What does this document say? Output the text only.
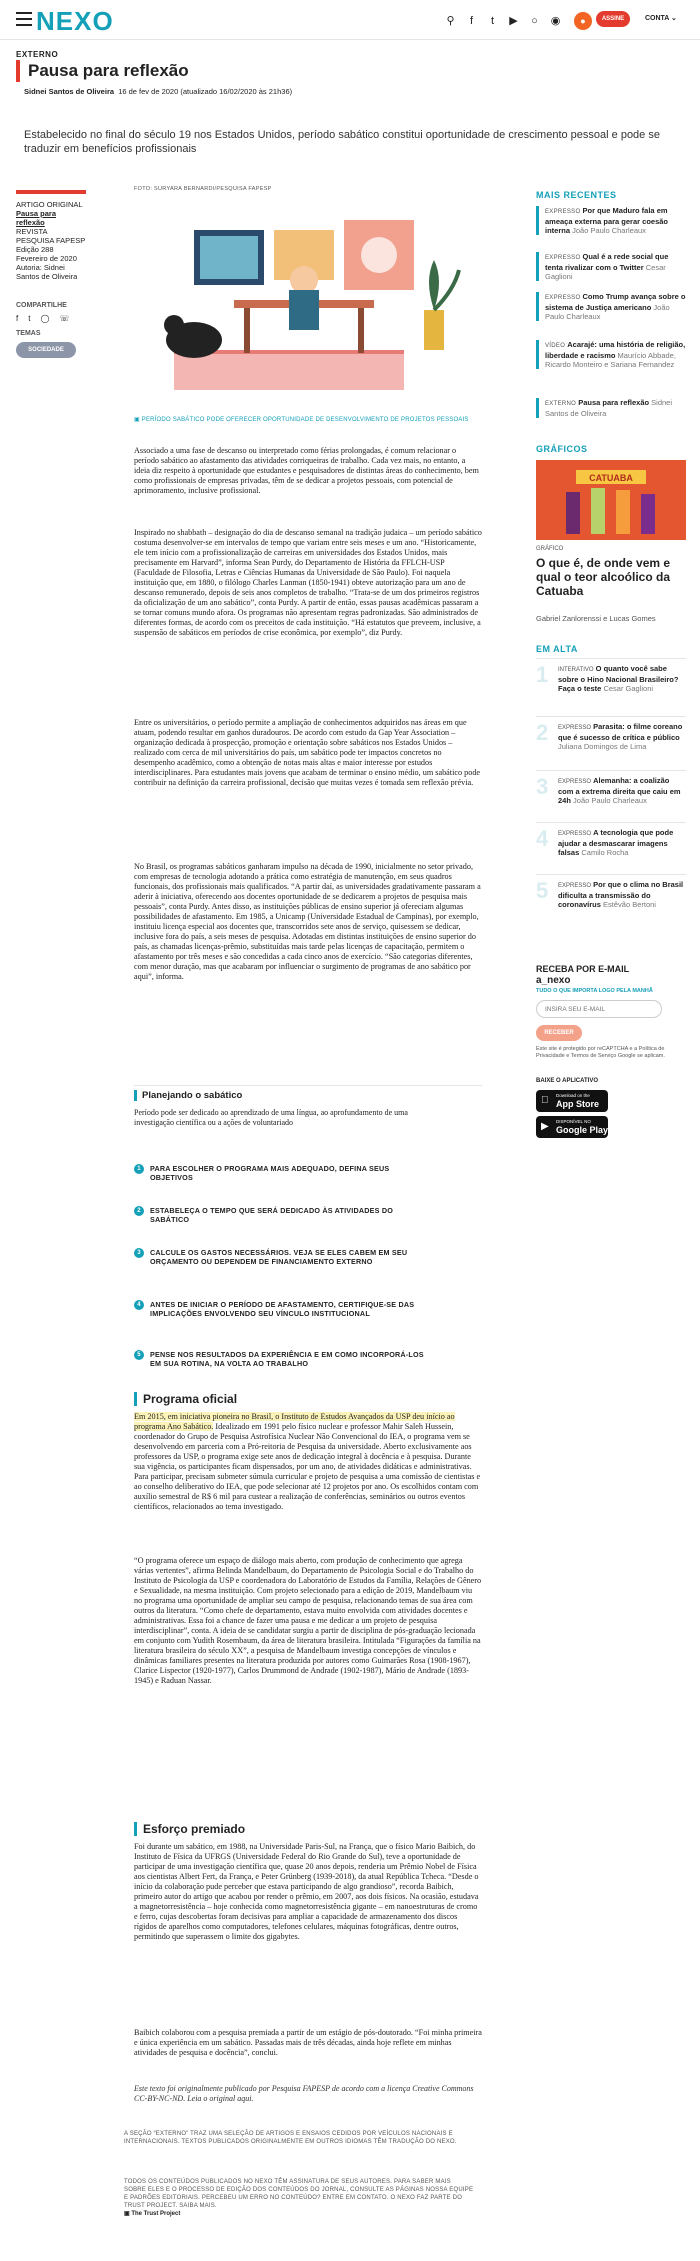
NEXO	⚲	f	t	▶ ○ ◉	●	ASSINE	CONTA ⌄
EXTERNO
Pausa para reflexão
Sidnei Santos de Oliveira 16 de fev de 2020 (atualizado 16/02/2020 às 21h36)
Estabelecido no final do século 19 nos Estados Unidos, período sabático constitui oportunidade de crescimento pessoal e pode se traduzir em benefícios profissionais
ARTIGO ORIGINAL
Pausa para reflexão
REVISTA PESQUISA FAPESP
Edição 288
Fevereiro de 2020
Autoria: Sidnei Santos de Oliveira
COMPARTILHE
f t ◯ ☏
TEMAS
SOCIEDADE
FOTO: SURYARA BERNARDI/PESQUISA FAPESP
▣ PERÍODO SABÁTICO PODE OFERECER OPORTUNIDADE DE DESENVOLVIMENTO DE PROJETOS PESSOAIS
Associado a uma fase de descanso ou interpretado como férias prolongadas, é comum relacionar o período sabático ao afastamento das atividades corriqueiras de trabalho. Cada vez mais, no entanto, a ideia diz respeito à oportunidade que estudantes e pesquisadores de distintas áreas do conhecimento, bem como profissionais de empresas privadas, têm de se dedicar a projetos pessoais, com potencial de aprimoramento, inclusive profissional.
Inspirado no shabbath – designação do dia de descanso semanal na tradição judaica – um período sabático costuma desenvolver-se em intervalos de tempo que variam entre seis meses e um ano. “Historicamente, ele tem início com a profissionalização de carreiras em universidades dos Estados Unidos, mais precisamente em Harvard”, informa Sean Purdy, do Departamento de História da FFLCH-USP (Faculdade de Filosofia, Letras e Ciências Humanas da Universidade de São Paulo). Foi naquela instituição que, em 1880, o filólogo Charles Lanman (1850-1941) obteve autorização para um ano de descanso remunerado, depois de seis anos completos de trabalho. “Trata-se de um dos primeiros registros da oficialização de um ano sabático”, conta Purdy. A partir de então, essas pausas acadêmicas passaram a se tornar comuns mundo afora. Os programas não apresentam regras padronizadas. São administrados de diferentes formas, de acordo com os preceitos de cada instituição. “Há estatutos que preveem, inclusive, a suspensão de sabáticos em períodos de crise econômica, por exemplo”, diz Purdy.
Entre os universitários, o período permite a ampliação de conhecimentos adquiridos nas áreas em que atuam, podendo resultar em ganhos duradouros. De acordo com estudo da Gap Year Association – organização dedicada à prospecção, promoção e orientação sobre sabáticos nos Estados Unidos – realizado com cerca de mil universitários do país, um sabático pode ter impactos concretos no desempenho acadêmico, como a obtenção de notas mais altas e maior interesse por estudos interdisciplinares. Para estudantes mais jovens que acabam de terminar o ensino médio, um sabático pode contribuir na definição da carreira profissional, decisão que muitas vezes é tomada sem reflexão prévia.
No Brasil, os programas sabáticos ganharam impulso na década de 1990, inicialmente no setor privado, com empresas de tecnologia adotando a prática como estratégia de manutenção, em seus quadros funcionais, dos profissionais mais qualificados. “A partir daí, as universidades gradativamente passaram a aderir à iniciativa, oferecendo aos docentes oportunidade de se dedicarem a projetos de pesquisa mais pessoais”, conta Purdy. Antes disso, as instituições públicas de ensino superior já ofereciam algumas possibilidades de afastamento. Em 1985, a Unicamp (Universidade Estadual de Campinas), por exemplo, instituiu licença especial aos docentes que, transcorridos sete anos de serviço, quisessem se dedicar, inclusive fora do país, a seis meses de pesquisa. Adotadas em distintas instituições de ensino superior do país, as chamadas licenças-prêmio, substituídas mais tarde pelas licenças de capacitação, permitem o afastamento por três meses e são concedidas a cada cinco anos de exercício. “São categorias diferentes, com menor duração, mas que acabaram por influenciar o surgimento de programas de ano sabático por aqui”, informa.
Planejando o sabático
Período pode ser dedicado ao aprendizado de uma língua, ao aprofundamento de uma investigação científica ou a ações de voluntariado
1	PARA ESCOLHER O PROGRAMA MAIS ADEQUADO, DEFINA SEUS OBJETIVOS
2	ESTABELEÇA O TEMPO QUE SERÁ DEDICADO ÀS ATIVIDADES DO SABÁTICO
3	CALCULE OS GASTOS NECESSÁRIOS. VEJA SE ELES CABEM EM SEU ORÇAMENTO OU DEPENDEM DE FINANCIAMENTO EXTERNO
4	ANTES DE INICIAR O PERÍODO DE AFASTAMENTO, CERTIFIQUE-SE DAS IMPLICAÇÕES ENVOLVENDO SEU VÍNCULO INSTITUCIONAL
5	PENSE NOS RESULTADOS DA EXPERIÊNCIA E EM COMO INCORPORÁ-LOS EM SUA ROTINA, NA VOLTA AO TRABALHO
Programa oficial
Em 2015, em iniciativa pioneira no Brasil, o Instituto de Estudos Avançados da USP deu início ao programa Ano Sabático. Idealizado em 1991 pelo físico nuclear e professor Mahir Saleh Hussein, coordenador do Grupo de Pesquisa Astrofísica Nuclear Não Convencional do IEA, o programa vem se desenvolvendo em parceria com a Pró-reitoria de Pesquisa da universidade. Aberto exclusivamente aos professores da USP, o programa exige sete anos de dedicação integral à docência e à pesquisa. Durante sua vigência, os participantes ficam dispensados, por um ano, de atividades didáticas e administrativas. Para participar, precisam submeter súmula curricular e projeto de pesquisa a uma comissão de cientistas e ao conselho deliberativo do IEA, que pode selecionar até 12 projetos por ano. Os escolhidos contam com auxílio semestral de R$ 6 mil para custear a realização de conferências, seminários ou outros eventos científicos, relacionados ao tema investigado.
“O programa oferece um espaço de diálogo mais aberto, com produção de conhecimento que agrega várias vertentes”, afirma Belinda Mandelbaum, do Departamento de Psicologia Social e do Trabalho do Instituto de Psicologia da USP e coordenadora do Laboratório de Estudos da Família, Relações de Gênero e Sexualidade, na mesma instituição. Com projeto selecionado para a edição de 2019, Mandelbaum viu no programa uma oportunidade de ampliar seu campo de pesquisa, relacionando temas de sua área com outros da literatura. “Como chefe de departamento, estava muito envolvida com atividades docentes e administrativas. Essa foi a chance de fazer uma pausa e me dedicar a um projeto de pesquisa interdisciplinar”, conta. A ideia de se candidatar surgiu a partir de disciplina de pós-graduação lecionada em conjunto com Yudith Rosembaum, da área de literatura brasileira. Intitulada “Figurações da família na literatura brasileira do século XX”, a pesquisa de Mandelbaum investiga concepções de vínculos e dinâmicas familiares presentes na literatura produzida por autores como Guimarães Rosa (1908-1967), Clarice Lispector (1920-1977), Carlos Drummond de Andrade (1902-1987), Mário de Andrade (1893-1945) e Raduan Nassar.
Esforço premiado
Foi durante um sabático, em 1988, na Universidade Paris-Sul, na França, que o físico Mario Baibich, do Instituto de Física da UFRGS (Universidade Federal do Rio Grande do Sul), teve a oportunidade de participar de uma investigação científica que, quase 20 anos depois, renderia um Prêmio Nobel de Física aos cientistas Albert Fert, da França, e Peter Grünberg (1939-2018), da atual República Tcheca. “Desde o início da colaboração pude perceber que estava participando de algo grandioso”, recorda Baibich, primeiro autor do artigo que acabou por render o prêmio, em 2007, aos dois físicos. Na ocasião, estudava a magnetorresistência – hoje conhecida como magnetorresistência gigante – em nanoestruturas de cromo e ferro, cujas descobertas foram decisivas para ampliar a capacidade de armazenamento dos discos rígidos de aparelhos como computadores, telefones celulares, máquinas fotográficas, dentre outros, permitindo que superassem o limite dos gigabytes.
Baibich colaborou com a pesquisa premiada a partir de um estágio de pós-doutorado. “Foi minha primeira e única experiência em um sabático. Passadas mais de três décadas, ainda hoje reflete em minhas atividades de pesquisa e docência”, conclui.
Este texto foi originalmente publicado por Pesquisa FAPESP de acordo com a licença Creative Commons CC-BY-NC-ND. Leia o original aqui.
A SEÇÃO “EXTERNO” TRAZ UMA SELEÇÃO DE ARTIGOS E ENSAIOS CEDIDOS POR VEÍCULOS NACIONAIS E INTERNACIONAIS. TEXTOS PUBLICADOS ORIGINALMENTE EM OUTROS IDIOMAS TÊM TRADUÇÃO DO NEXO.
TODOS OS CONTEÚDOS PUBLICADOS NO NEXO TÊM ASSINATURA DE SEUS AUTORES. PARA SABER MAIS SOBRE ELES E O PROCESSO DE EDIÇÃO DOS CONTEÚDOS DO JORNAL, CONSULTE AS PÁGINAS NOSSA EQUIPE E PADRÕES EDITORIAIS. PERCEBEU UM ERRO NO CONTEÚDO? ENTRE EM CONTATO. O NEXO FAZ PARTE DO TRUST PROJECT. SAIBA MAIS.
▣ The Trust Project
MAIS RECENTES
EXPRESSO Por que Maduro fala em ameaça externa para gerar coesão interna João Paulo Charleaux
EXPRESSO Qual é a rede social que tenta rivalizar com o Twitter Cesar Gaglioni
EXPRESSO Como Trump avança sobre o sistema de Justiça americano João Paulo Charleaux
VÍDEO Acarajé: uma história de religião, liberdade e racismo Maurício Abbade, Ricardo Monteiro e Sariana Fernandez
EXTERNO Pausa para reflexão Sidnei Santos de Oliveira
GRÁFICOS
CATUABA
GRÁFICO
O que é, de onde vem e qual o teor alcoólico da Catuaba
Gabriel Zanlorenssi e Lucas Gomes
EM ALTA
1 INTERATIVO O quanto você sabe sobre o Hino Nacional Brasileiro? Faça o teste Cesar Gaglioni
2 EXPRESSO Parasita: o filme coreano que é sucesso de crítica e público Juliana Domingos de Lima
3 EXPRESSO Alemanha: a coalizão com a extrema direita que caiu em 24h João Paulo Charleaux
4 EXPRESSO A tecnologia que pode ajudar a desmascarar imagens falsas Camilo Rocha
5 EXPRESSO Por que o clima no Brasil dificulta a transmissão do coronavírus Estêvão Bertoni
RECEBA POR E-MAIL
a_nexo
TUDO O QUE IMPORTA LOGO PELA MANHÃ
INSIRA SEU E-MAIL
RECEBER
Este site é protegido por reCAPTCHA e a Política de Privacidade e Termos de Serviço Google se aplicam.
BAIXE O APLICATIVO
Download on the
App Store
▶ DISPONÍVEL NO
Google Play
